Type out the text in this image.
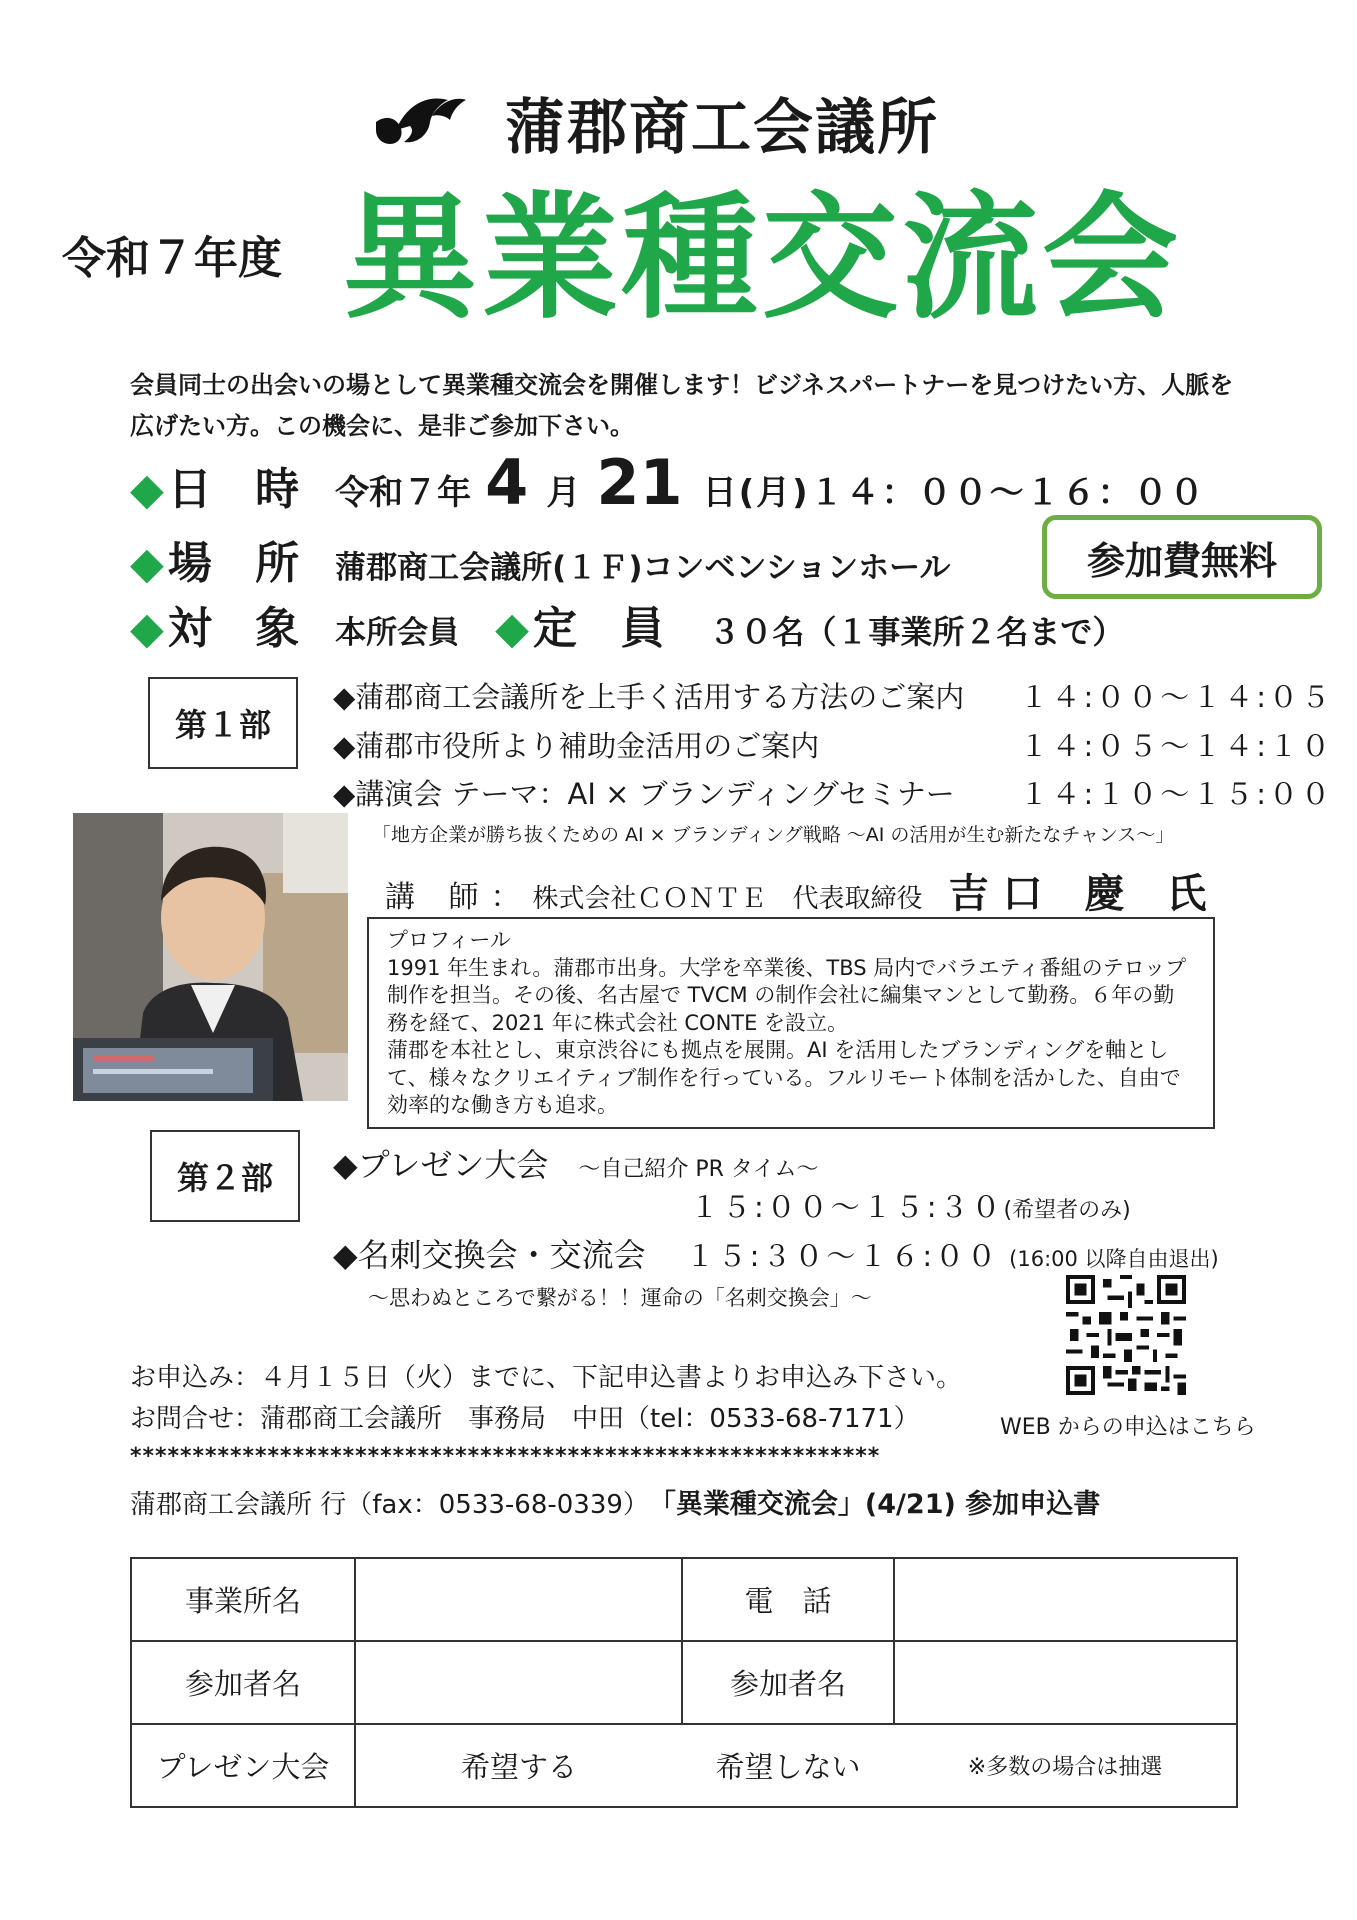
蒲郡商工会議所
令和７年度 異業種交流会
会員同士の出会いの場として異業種交流会を開催します！ビジネスパートナーを見つけたい方、人脈を広げたい方。この機会に、是非ご参加下さい。
◆日 時 令和７年 4 月 21 日(月)１４：００〜１６：００
◆場 所 蒲郡商工会議所(１Ｆ)コンベンションホール	参加費無料
◆対 象 本所会員 ◆定 員 ３０名（１事業所２名まで）
第１部
◆蒲郡商工会議所を上手く活用する方法のご案内 １４:００〜１４:０５
◆蒲郡市役所より補助金活用のご案内	１４:０５〜１４:１０
◆講演会 テーマ：AI × ブランディングセミナー １４:１０〜１５:００
「地方企業が勝ち抜くための AI × ブランディング戦略 〜AI の活用が生む新たなチャンス〜」
講 師： 株式会社ＣＯＮＴＥ　代表取締役 吉口 慶 氏
プロフィール
1991 年生まれ。蒲郡市出身。大学を卒業後、TBS 局内でバラエティ番組のテロップ制作を担当。その後、名古屋で TVCM の制作会社に編集マンとして勤務。６年の勤務を経て、2021 年に株式会社 CONTE を設立。
蒲郡を本社とし、東京渋谷にも拠点を展開。AI を活用したブランディングを軸として、様々なクリエイティブ制作を行っている。フルリモート体制を活かした、自由で効率的な働き方も追求。
第２部	◆プレゼン大会 〜自己紹介 PR タイム〜
１５:００〜１５:３０(希望者のみ)
◆名刺交換会・交流会 １５:３０〜１６:００ (16:00 以降自由退出)
〜思わぬところで繋がる！！運命の「名刺交換会」〜
WEB からの申込はこちら
お申込み：４月１５日（火）までに、下記申込書よりお申込み下さい。
お問合せ：蒲郡商工会議所　事務局　中田（tel：0533-68-7171）
************************************************************
蒲郡商工会議所 行（fax：0533-68-0339） 「異業種交流会」(4/21) 参加申込書
事業所名		電　話	
参加者名		参加者名	
プレゼン大会	希望する 希望しない ※多数の場合は抽選		
